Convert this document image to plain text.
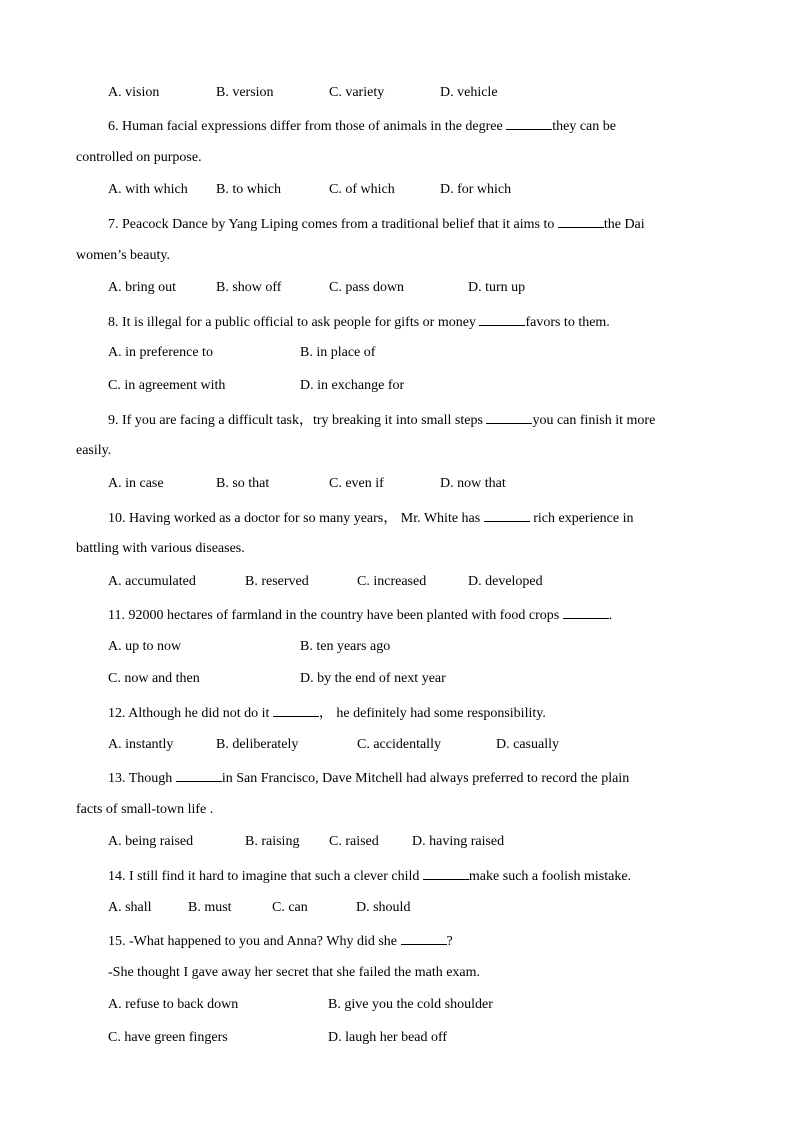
A. vision	B. version	C. variety	D. vehicle
6. Human facial expressions differ from those of animals in the degree	they can be
controlled on purpose.
A. with which B. to which	C. of which	D. for which
7. Peacock Dance by Yang Liping comes from a traditional belief that it aims to	the Dai
women’s beauty.
A. bring out	B. show off	C. pass down	D. turn up
8. It is illegal for a public official to ask people for gifts or money	favors to them.
A. in preference to	B. in place of
C. in agreement with	D. in exchange for
9. If you are facing a difficult task，try breaking it into small steps	you can finish it more
easily.
A. in case	B. so that	C. even if	D. now that
10. Having worked as a doctor for so many years， Mr. White has	rich experience in
battling with various diseases.
A. accumulated	B. reserved	C. increased	D. developed
11. 92000 hectares of farmland in the country have been planted with food crops	.
A. up to now	B. ten years ago
C. now and then	D. by the end of next year
12. Although he did not do it	， he definitely had some responsibility.
A. instantly	B. deliberately	C. accidentally	D. casually
13. Though	in San Francisco, Dave Mitchell had always preferred to record the plain
facts of small-town life .
A. being raised	B. raising C. raised D. having raised
14. I still find it hard to imagine that such a clever child	make such a foolish mistake.
A. shall	B. must	C. can	D. should
15. -What happened to you and Anna? Why did she	?
-She thought I gave away her secret that she failed the math exam.
A. refuse to back down	B. give you the cold shoulder
C. have green fingers	D. laugh her bead off
